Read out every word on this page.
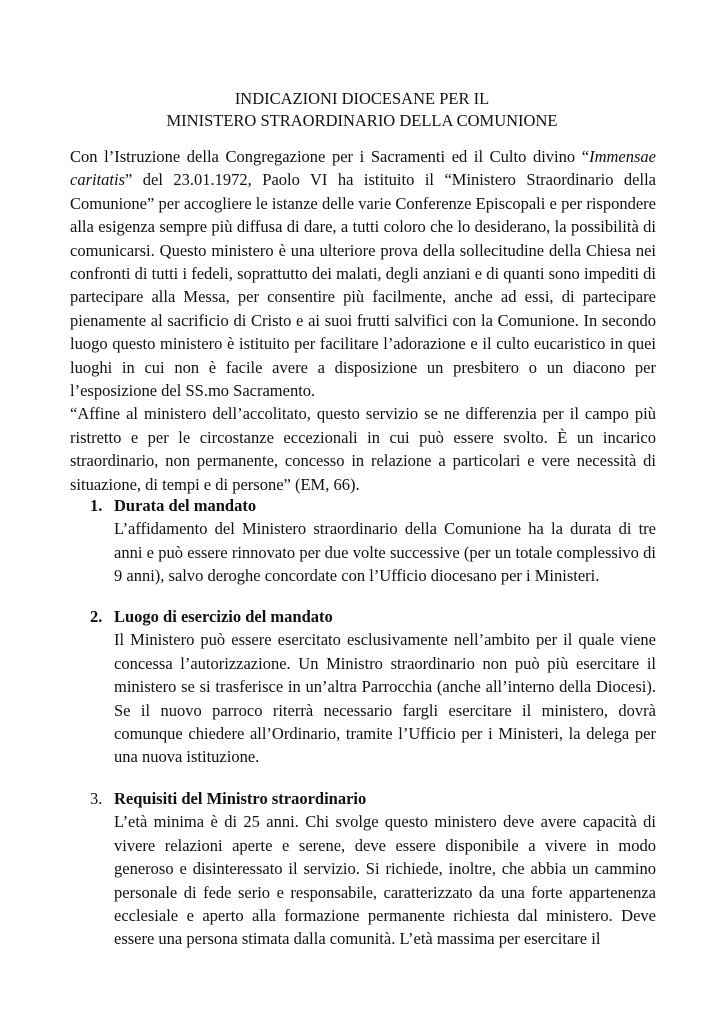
INDICAZIONI DIOCESANE PER IL
MINISTERO STRAORDINARIO DELLA COMUNIONE

Con l’Istruzione della Congregazione per i Sacramenti ed il Culto divino “Immensae caritatis” del 23.01.1972, Paolo VI ha istituito il “Ministero Straordinario della Comunione” per accogliere le istanze delle varie Conferenze Episcopali e per rispondere alla esigenza sempre più diffusa di dare, a tutti coloro che lo desiderano, la possibilità di comunicarsi. Questo ministero è una ulteriore prova della sollecitudine della Chiesa nei confronti di tutti i fedeli, soprattutto dei malati, degli anziani e di quanti sono impediti di partecipare alla Messa, per consentire più facilmente, anche ad essi, di partecipare pienamente al sacrificio di Cristo e ai suoi frutti salvifici con la Comunione. In secondo luogo questo ministero è istituito per facilitare l’adorazione e il culto eucaristico in quei luoghi in cui non è facile avere a disposizione un presbitero o un diacono per l’esposizione del SS.mo Sacramento.

“Affine al ministero dell’accolitato, questo servizio se ne differenzia per il campo più ristretto e per le circostanze eccezionali in cui può essere svolto. È un incarico straordinario, non permanente, concesso in relazione a particolari e vere necessità di situazione, di tempi e di persone” (EM, 66).

1. Durata del mandato
L’affidamento del Ministero straordinario della Comunione ha la durata di tre anni e può essere rinnovato per due volte successive (per un totale complessivo di 9 anni), salvo deroghe concordate con l’Ufficio diocesano per i Ministeri.
2. Luogo di esercizio del mandato
Il Ministero può essere esercitato esclusivamente nell’ambito per il quale viene concessa l’autorizzazione. Un Ministro straordinario non può più esercitare il ministero se si trasferisce in un’altra Parrocchia (anche all’interno della Diocesi). Se il nuovo parroco riterrà necessario fargli esercitare il ministero, dovrà comunque chiedere all’Ordinario, tramite l’Ufficio per i Ministeri, la delega per una nuova istituzione.
3. Requisiti del Ministro straordinario
L’età minima è di 25 anni. Chi svolge questo ministero deve avere capacità di vivere relazioni aperte e serene, deve essere disponibile a vivere in modo generoso e disinteressato il servizio. Si richiede, inoltre, che abbia un cammino personale di fede serio e responsabile, caratterizzato da una forte appartenenza ecclesiale e aperto alla formazione permanente richiesta dal ministero. Deve essere una persona stimata dalla comunità. L’età massima per esercitare il
